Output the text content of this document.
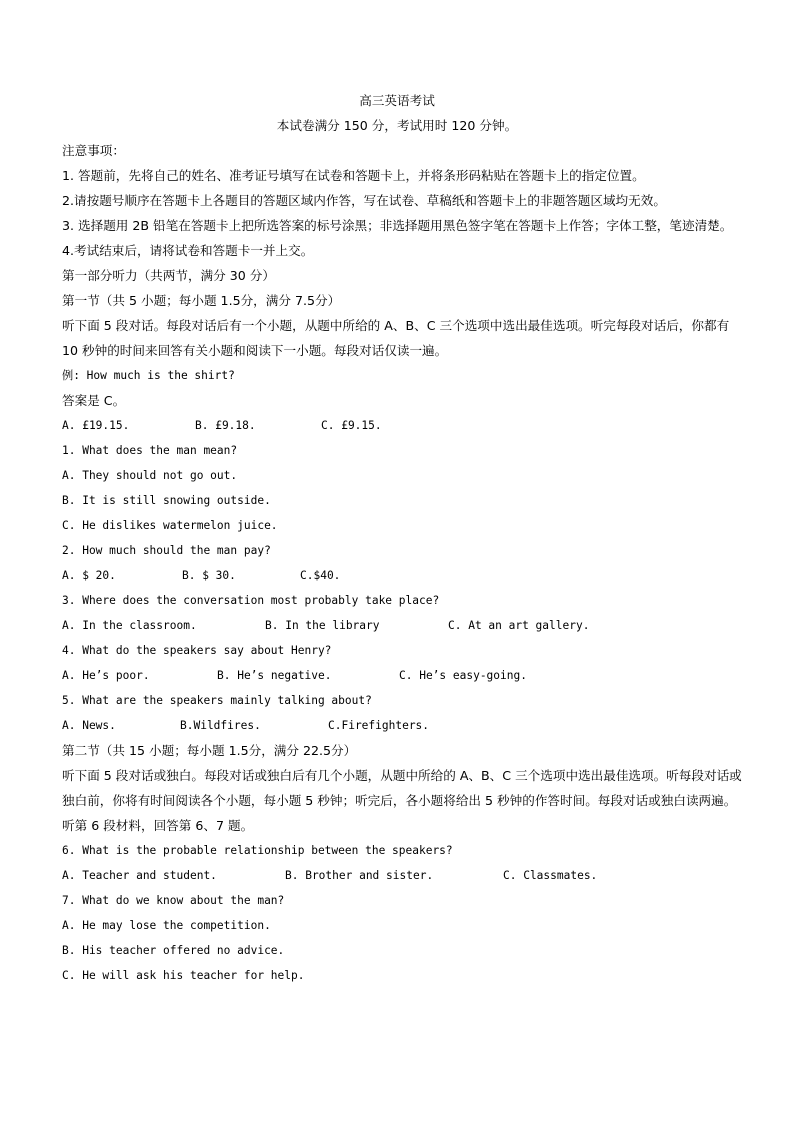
高三英语考试
本试卷满分 150 分，考试用时 120 分钟。
注意事项：
1. 答题前，先将自己的姓名、准考证号填写在试卷和答题卡上，并将条形码粘贴在答题卡上的指定位置。
2.请按题号顺序在答题卡上各题目的答题区域内作答，写在试卷、草稿纸和答题卡上的非题答题区域均无效。
3. 选择题用 2B 铅笔在答题卡上把所选答案的标号涂黑；非选择题用黑色签字笔在答题卡上作答；字体工整，笔迹清楚。
4.考试结束后，请将试卷和答题卡一并上交。
第一部分听力（共两节，满分 30 分）
第一节（共 5 小题；每小题 1.5分，满分 7.5分）
听下面 5 段对话。每段对话后有一个小题，从题中所给的 A、B、C 三个选项中选出最佳选项。听完每段对话后，你都有 10 秒钟的时间来回答有关小题和阅读下一小题。每段对话仅读一遍。
例: How much is the shirt?
答案是 C。
A. £19.15.	B. £9.18.	C. £9.15.
1. What does the man mean?
A. They should not go out.
B. It is still snowing outside.
C. He dislikes watermelon juice.
2. How much should the man pay?
A. $ 20.	B. $ 30.	C.$40.
3. Where does the conversation most probably take place?
A. In the classroom.	B. In the library	C. At an art gallery.
4. What do the speakers say about Henry?
A. He’s poor.	B. He’s negative.	C. He’s easy-going.
5. What are the speakers mainly talking about?
A. News.	B.Wildfires.	C.Firefighters.
第二节（共 15 小题；每小题 1.5分，满分 22.5分）
听下面 5 段对话或独白。每段对话或独白后有几个小题，从题中所给的 A、B、C 三个选项中选出最佳选项。听每段对话或独白前，你将有时间阅读各个小题，每小题 5 秒钟；听完后，各小题将给出 5 秒钟的作答时间。每段对话或独白读两遍。
听第 6 段材料，回答第 6、7 题。
6. What is the probable relationship between the speakers?
A. Teacher and student.	B. Brother and sister.	C. Classmates.
7. What do we know about the man?
A. He may lose the competition.
B. His teacher offered no advice.
C. He will ask his teacher for help.
